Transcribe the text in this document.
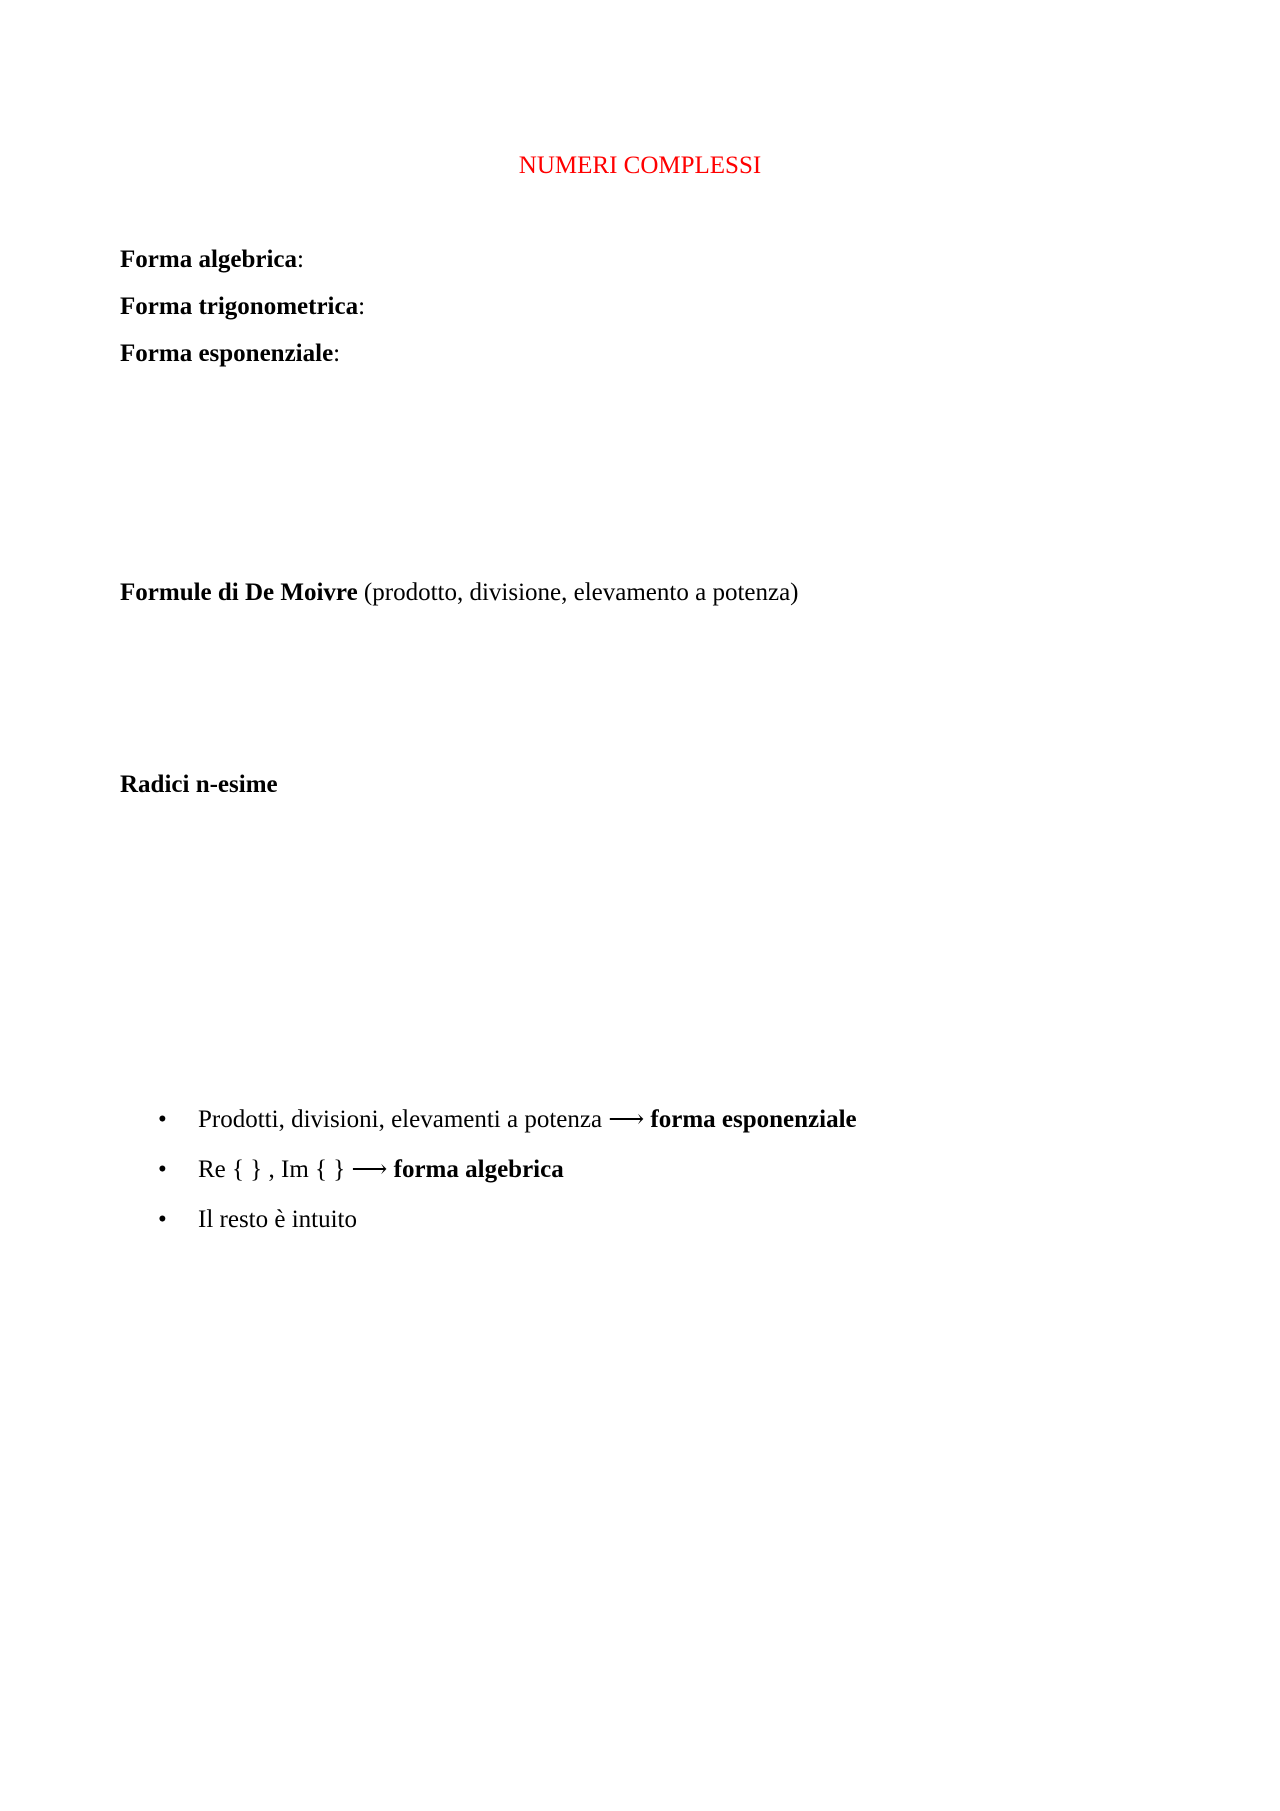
NUMERI COMPLESSI
Forma algebrica:
Forma trigonometrica:
Forma esponenziale:
Formule di De Moivre (prodotto, divisione, elevamento a potenza)
Radici n-esime
• Prodotti, divisioni, elevamenti a potenza ⟶ forma esponenziale
• Re { } , Im { } ⟶ forma algebrica
• Il resto è intuito
